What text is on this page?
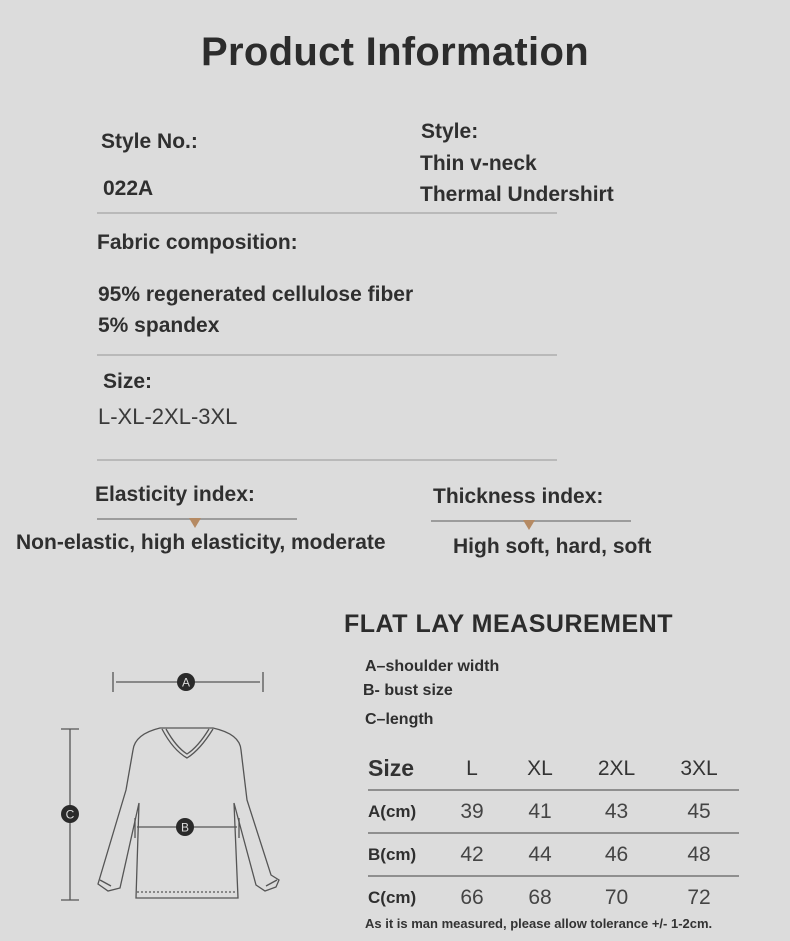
Product Information
Style No.:
022A
Style:
Thin v-neck
Thermal Undershirt
Fabric composition:
95% regenerated cellulose fiber
5% spandex
Size:
L-XL-2XL-3XL
Elasticity index:
Non-elastic, high elasticity, moderate
Thickness index:
High soft, hard, soft
FLAT LAY MEASUREMENT
A–shoulder width
B- bust size
C–length
A
B
C
Size	L	XL	2XL	3XL
A(cm)	39	41	43	45
B(cm)	42	44	46	48
C(cm)	66	68	70	72
As it is man measured, please allow tolerance +/- 1-2cm.
